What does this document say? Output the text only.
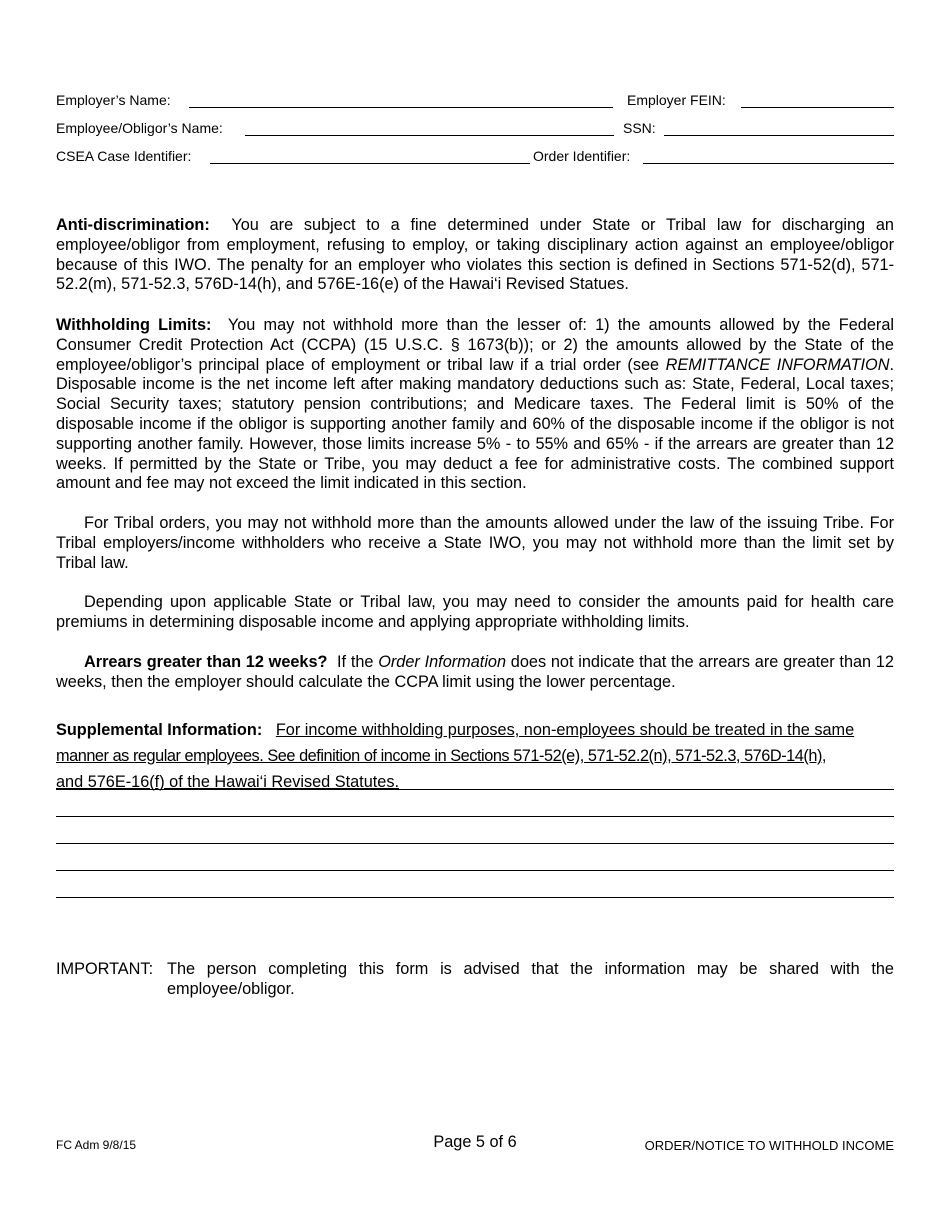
Employer’s Name:	Employer FEIN:
Employee/Obligor’s Name:	SSN:
CSEA Case Identifier:	Order Identifier:
Anti-discrimination: You are subject to a fine determined under State or Tribal law for discharging an employee/obligor from employment, refusing to employ, or taking disciplinary action against an employee/obligor because of this IWO. The penalty for an employer who violates this section is defined in Sections 571-52(d), 571-52.2(m), 571-52.3, 576D-14(h), and 576E-16(e) of the Hawai‘i Revised Statues.
Withholding Limits: You may not withhold more than the lesser of: 1) the amounts allowed by the Federal Consumer Credit Protection Act (CCPA) (15 U.S.C. § 1673(b)); or 2) the amounts allowed by the State of the employee/obligor’s principal place of employment or tribal law if a trial order (see REMITTANCE INFORMATION. Disposable income is the net income left after making mandatory deductions such as: State, Federal, Local taxes; Social Security taxes; statutory pension contributions; and Medicare taxes. The Federal limit is 50% of the disposable income if the obligor is supporting another family and 60% of the disposable income if the obligor is not supporting another family. However, those limits increase 5% - to 55% and 65% - if the arrears are greater than 12 weeks. If permitted by the State or Tribe, you may deduct a fee for administrative costs. The combined support amount and fee may not exceed the limit indicated in this section.
For Tribal orders, you may not withhold more than the amounts allowed under the law of the issuing Tribe. For Tribal employers/income withholders who receive a State IWO, you may not withhold more than the limit set by Tribal law.
Depending upon applicable State or Tribal law, you may need to consider the amounts paid for health care premiums in determining disposable income and applying appropriate withholding limits.
Arrears greater than 12 weeks? If the Order Information does not indicate that the arrears are greater than 12 weeks, then the employer should calculate the CCPA limit using the lower percentage.
Supplemental Information: For income withholding purposes, non-employees should be treated in the same
manner as regular employees. See definition of income in Sections 571-52(e), 571-52.2(n), 571-52.3, 576D-14(h),
and 576E-16(f) of the Hawai‘i Revised Statutes.
IMPORTANT: The person completing this form is advised that the information may be shared with the employee/obligor.
FC Adm 9/8/15	Page 5 of 6	ORDER/NOTICE TO WITHHOLD INCOME
